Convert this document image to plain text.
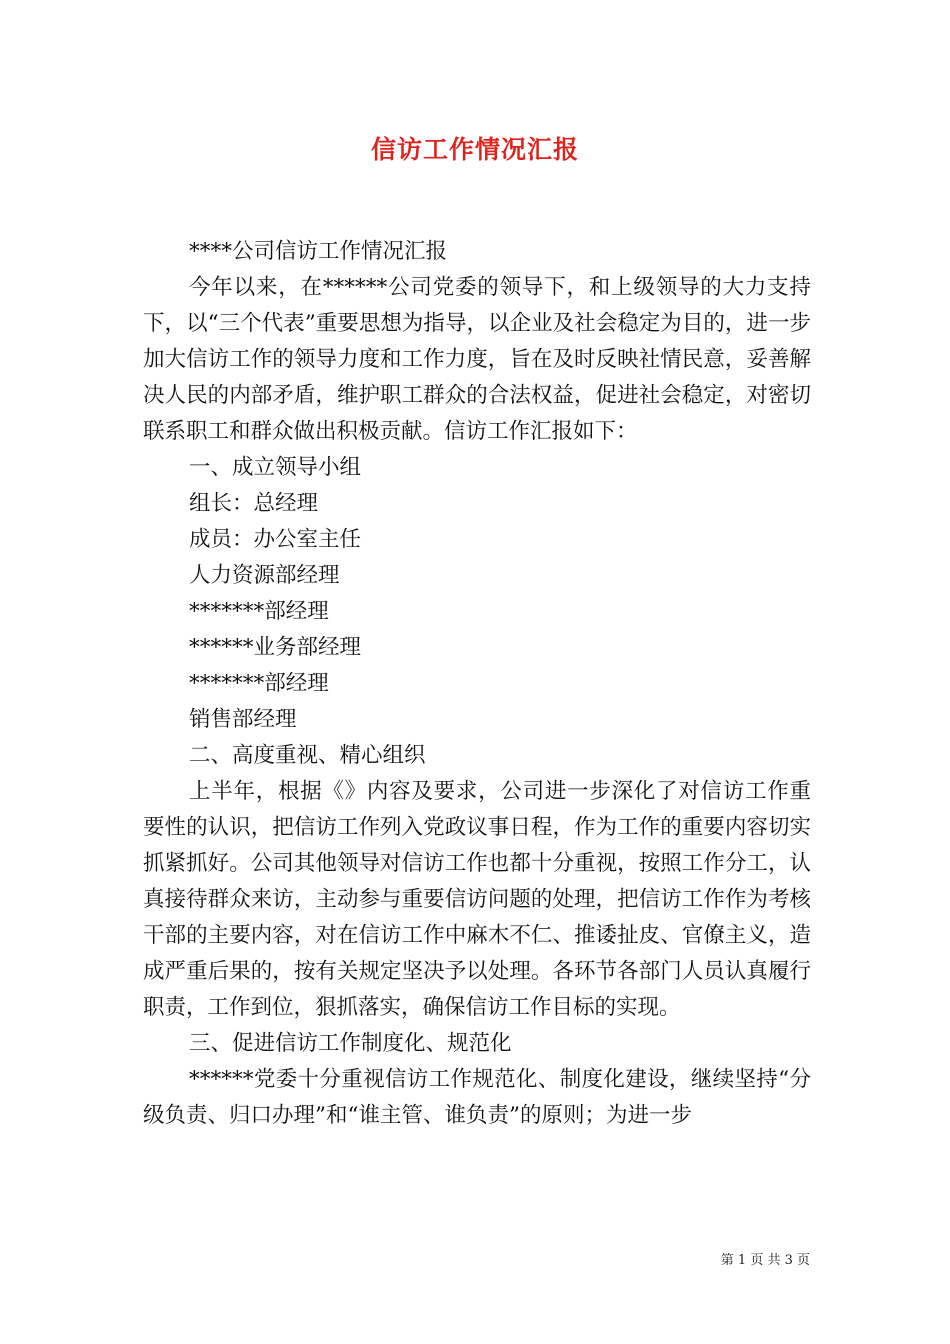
信访工作情况汇报

****公司信访工作情况汇报

今年以来，在******公司党委的领导下，和上级领导的大力支持下，以“三个代表”重要思想为指导，以企业及社会稳定为目的，进一步加大信访工作的领导力度和工作力度，旨在及时反映社情民意，妥善解决人民的内部矛盾，维护职工群众的合法权益，促进社会稳定，对密切联系职工和群众做出积极贡献。信访工作汇报如下：

一、成立领导小组

组长：总经理

成员：办公室主任

人力资源部经理

*******部经理

******业务部经理

*******部经理

销售部经理

二、高度重视、精心组织

上半年，根据《》内容及要求，公司进一步深化了对信访工作重要性的认识，把信访工作列入党政议事日程，作为工作的重要内容切实抓紧抓好。公司其他领导对信访工作也都十分重视，按照工作分工，认真接待群众来访，主动参与重要信访问题的处理，把信访工作作为考核干部的主要内容，对在信访工作中麻木不仁、推诿扯皮、官僚主义，造成严重后果的，按有关规定坚决予以处理。各环节各部门人员认真履行职责，工作到位，狠抓落实，确保信访工作目标的实现。

三、促进信访工作制度化、规范化

******党委十分重视信访工作规范化、制度化建设，继续坚持“分级负责、归口办理”和“谁主管、谁负责”的原则；为进一步

第 1 页 共 3 页
